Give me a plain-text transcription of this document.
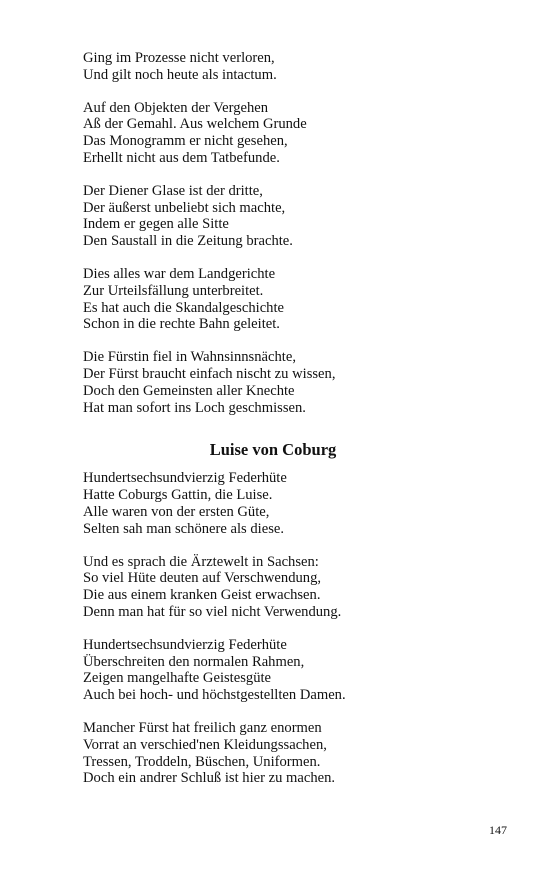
Ging im Prozesse nicht verloren,
Und gilt noch heute als intactum.
Auf den Objekten der Vergehen
Aß der Gemahl. Aus welchem Grunde
Das Monogramm er nicht gesehen,
Erhellt nicht aus dem Tatbefunde.
Der Diener Glase ist der dritte,
Der äußerst unbeliebt sich machte,
Indem er gegen alle Sitte
Den Saustall in die Zeitung brachte.
Dies alles war dem Landgerichte
Zur Urteilsfällung unterbreitet.
Es hat auch die Skandalgeschichte
Schon in die rechte Bahn geleitet.
Die Fürstin fiel in Wahnsinnsnächte,
Der Fürst braucht einfach nischt zu wissen,
Doch den Gemeinsten aller Knechte
Hat man sofort ins Loch geschmissen.
Luise von Coburg
Hundertsechsundvierzig Federhüte
Hatte Coburgs Gattin, die Luise.
Alle waren von der ersten Güte,
Selten sah man schönere als diese.
Und es sprach die Ärztewelt in Sachsen:
So viel Hüte deuten auf Verschwendung,
Die aus einem kranken Geist erwachsen.
Denn man hat für so viel nicht Verwendung.
Hundertsechsundvierzig Federhüte
Überschreiten den normalen Rahmen,
Zeigen mangelhafte Geistesgüte
Auch bei hoch- und höchstgestellten Damen.
Mancher Fürst hat freilich ganz enormen
Vorrat an verschied'nen Kleidungssachen,
Tressen, Troddeln, Büschen, Uniformen.
Doch ein andrer Schluß ist hier zu machen.
147
